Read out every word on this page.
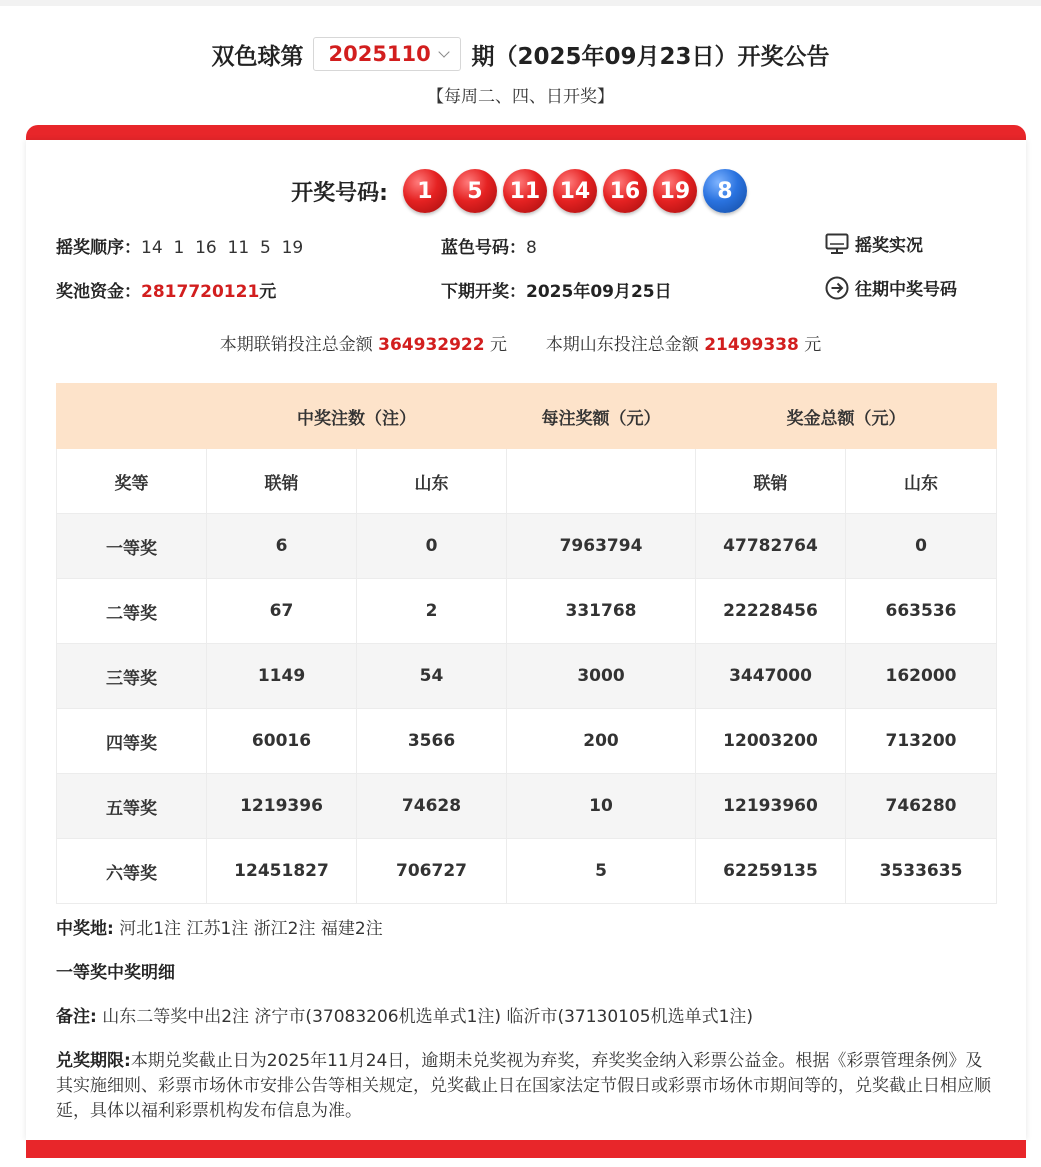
双色球第 2025110 期（2025年09月23日）开奖公告
【每周二、四、日开奖】
开奖号码:	1	5	11 14 16 19	8
摇奖顺序：14  1  16  11  5  19	蓝色号码：8	摇奖实况
奖池资金：2817720121元	下期开奖：2025年09月25日	往期中奖号码
本期联销投注总金额 364932922 元 本期山东投注总金额 21499338 元
	中奖注数（注）		每注奖额（元）	奖金总额（元）	
奖等	联销	山东		联销	山东
一等奖	6	0	7963794	47782764	0
二等奖	67	2	331768	22228456	663536
三等奖	1149	54	3000	3447000	162000
四等奖	60016	3566	200	12003200	713200
五等奖	1219396	74628	10	12193960	746280
六等奖	12451827	706727	5	62259135	3533635
中奖地: 河北1注 江苏1注 浙江2注 福建2注
一等奖中奖明细
备注: 山东二等奖中出2注 济宁市(37083206机选单式1注) 临沂市(37130105机选单式1注)
兑奖期限:本期兑奖截止日为2025年11月24日，逾期未兑奖视为弃奖，弃奖奖金纳入彩票公益金。根据《彩票管理条例》及其实施细则、彩票市场休市安排公告等相关规定，兑奖截止日在国家法定节假日或彩票市场休市期间等的，兑奖截止日相应顺延，具体以福利彩票机构发布信息为准。
